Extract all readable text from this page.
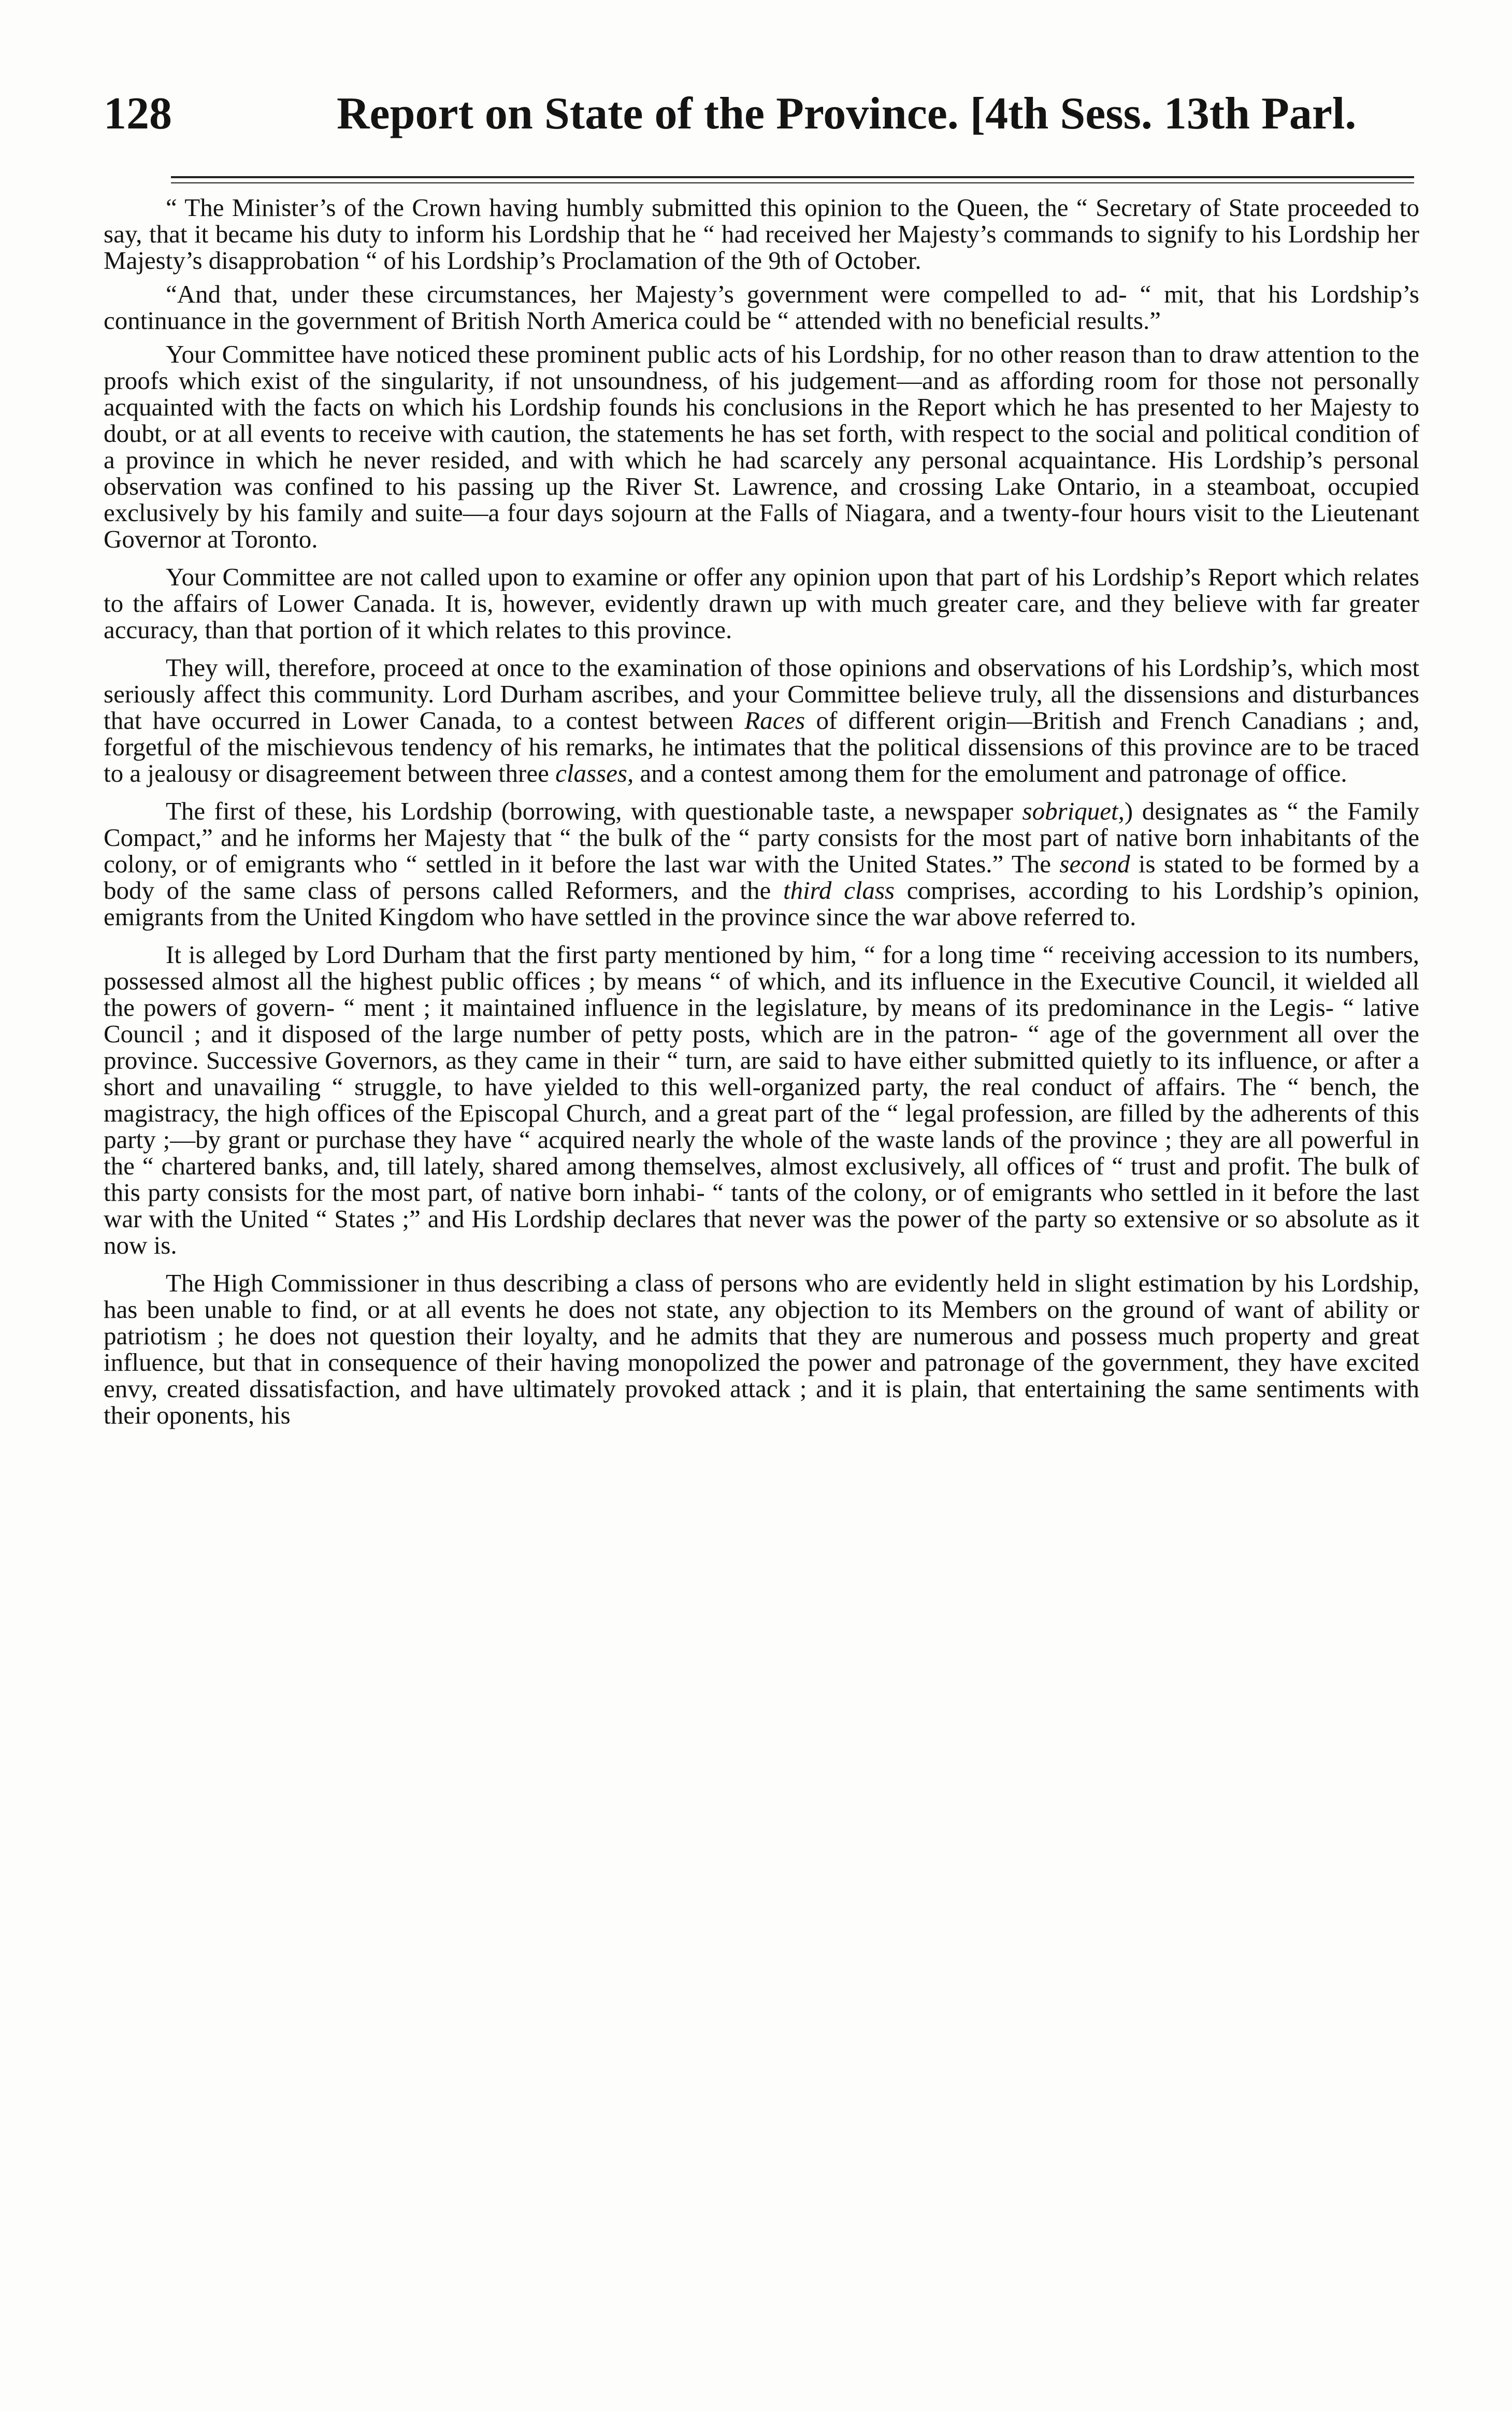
128	Report on State of the Province. [4th Sess. 13th Parl.

“ The Minister’s of the Crown having humbly submitted this opinion to the Queen, the “ Secretary of State proceeded to say, that it became his duty to inform his Lordship that he “ had received her Majesty’s commands to signify to his Lordship her Majesty’s disapprobation “ of his Lordship’s Proclamation of the 9th of October.

“And that, under these circumstances, her Majesty’s government were compelled to ad- “ mit, that his Lordship’s continuance in the government of British North America could be “ attended with no beneficial results.”

Your Committee have noticed these prominent public acts of his Lordship, for no other reason than to draw attention to the proofs which exist of the singularity, if not unsoundness, of his judgement—and as affording room for those not personally acquainted with the facts on which his Lordship founds his conclusions in the Report which he has presented to her Majesty to doubt, or at all events to receive with caution, the statements he has set forth, with respect to the social and political condition of a province in which he never resided, and with which he had scarcely any personal acquaintance. His Lordship’s personal observation was confined to his passing up the River St. Lawrence, and crossing Lake Ontario, in a steamboat, occupied exclusively by his family and suite—a four days sojourn at the Falls of Niagara, and a twenty-four hours visit to the Lieutenant Governor at Toronto.

Your Committee are not called upon to examine or offer any opinion upon that part of his Lordship’s Report which relates to the affairs of Lower Canada. It is, however, evidently drawn up with much greater care, and they believe with far greater accuracy, than that portion of it which relates to this province.

They will, therefore, proceed at once to the examination of those opinions and observations of his Lordship’s, which most seriously affect this community. Lord Durham ascribes, and your Committee believe truly, all the dissensions and disturbances that have occurred in Lower Canada, to a contest between Races of different origin—British and French Canadians ; and, forgetful of the mischievous tendency of his remarks, he intimates that the political dissensions of this province are to be traced to a jealousy or disagreement between three classes, and a contest among them for the emolument and patronage of office.

The first of these, his Lordship (borrowing, with questionable taste, a newspaper sobriquet,) designates as “ the Family Compact,” and he informs her Majesty that “ the bulk of the “ party consists for the most part of native born inhabitants of the colony, or of emigrants who “ settled in it before the last war with the United States.” The second is stated to be formed by a body of the same class of persons called Reformers, and the third class comprises, according to his Lordship’s opinion, emigrants from the United Kingdom who have settled in the province since the war above referred to.

It is alleged by Lord Durham that the first party mentioned by him, “ for a long time “ receiving accession to its numbers, possessed almost all the highest public offices ; by means “ of which, and its influence in the Executive Council, it wielded all the powers of govern- “ ment ; it maintained influence in the legislature, by means of its predominance in the Legis- “ lative Council ; and it disposed of the large number of petty posts, which are in the patron- “ age of the government all over the province. Successive Governors, as they came in their “ turn, are said to have either submitted quietly to its influence, or after a short and unavailing “ struggle, to have yielded to this well-organized party, the real conduct of affairs. The “ bench, the magistracy, the high offices of the Episcopal Church, and a great part of the “ legal profession, are filled by the adherents of this party ;—by grant or purchase they have “ acquired nearly the whole of the waste lands of the province ; they are all powerful in the “ chartered banks, and, till lately, shared among themselves, almost exclusively, all offices of “ trust and profit. The bulk of this party consists for the most part, of native born inhabi- “ tants of the colony, or of emigrants who settled in it before the last war with the United “ States ;” and His Lordship declares that never was the power of the party so extensive or so absolute as it now is.

The High Commissioner in thus describing a class of persons who are evidently held in slight estimation by his Lordship, has been unable to find, or at all events he does not state, any objection to its Members on the ground of want of ability or patriotism ; he does not question their loyalty, and he admits that they are numerous and possess much property and great influence, but that in consequence of their having monopolized the power and patronage of the government, they have excited envy, created dissatisfaction, and have ultimately provoked attack ; and it is plain, that entertaining the same sentiments with their oponents, his
